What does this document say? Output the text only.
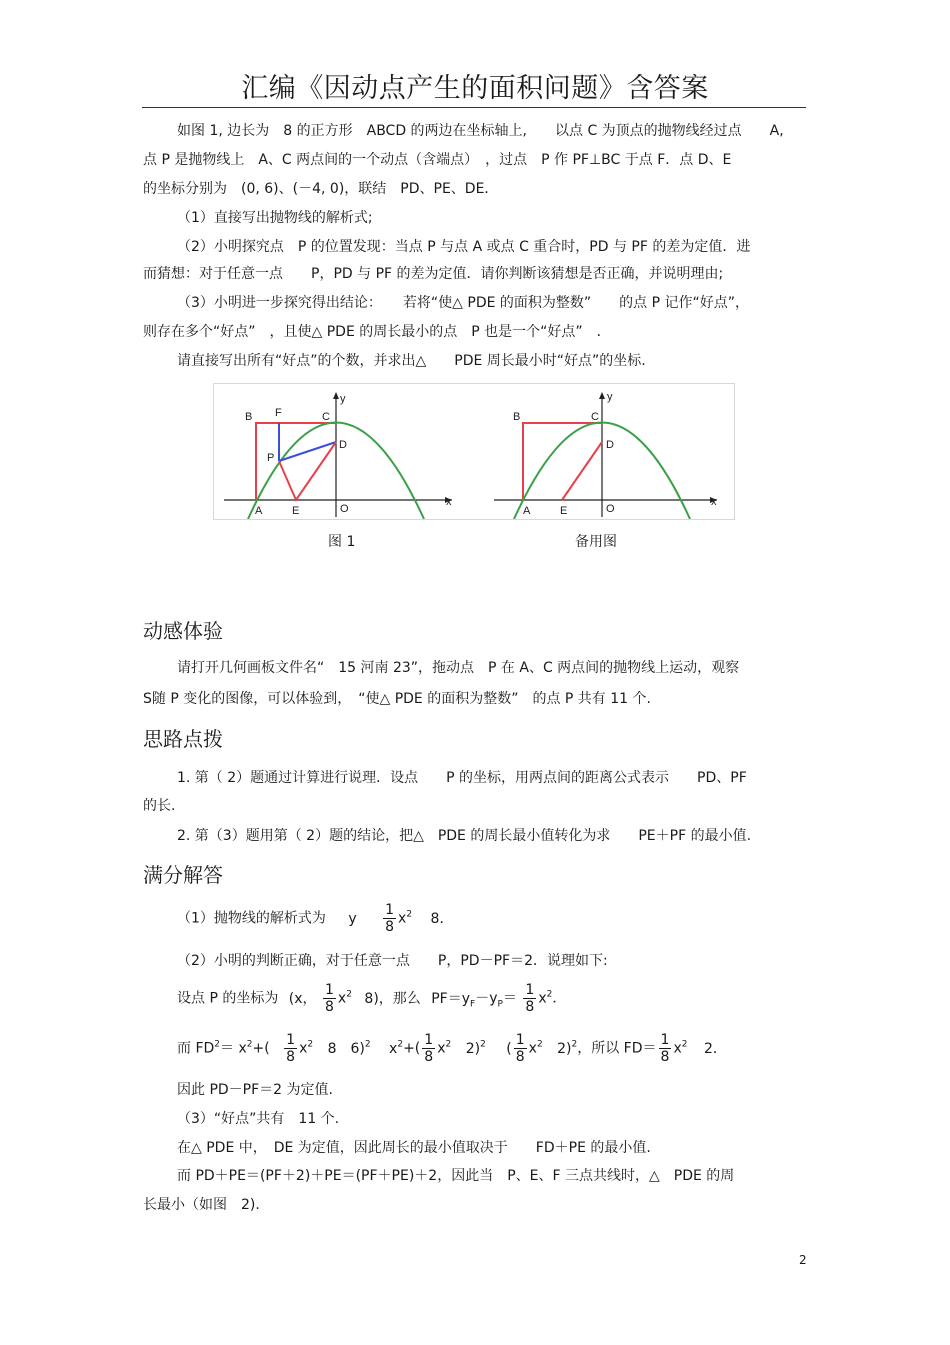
汇编《因动点产生的面积问题》含答案
如图 1, 边长为　8 的正方形　ABCD 的两边在坐标轴上,　　以点 C 为顶点的抛物线经过点　　A,
点 P 是抛物线上　A、C 两点间的一个动点（含端点）　，过点　P 作 PF⊥BC 于点 F．点 D、E
的坐标分别为　(0, 6)、(－4, 0)，联结　PD、PE、DE．
（1）直接写出抛物线的解析式;
（2）小明探究点　P 的位置发现：当点 P 与点 A 或点 C 重合时，PD 与 PF 的差为定值．进
而猜想：对于任意一点　　P，PD 与 PF 的差为定值．请你判断该猜想是否正确，并说明理由;
（3）小明进一步探究得出结论：　　若将“使△ PDE 的面积为整数”　　的点 P 记作“好点”，
则存在多个“好点”　，且使△ PDE 的周长最小的点　P 也是一个“好点”　．
请直接写出所有“好点”的个数，并求出△　　PDE 周长最小时“好点”的坐标.
B F	C
y
D
P
A	E	O
x
B	C
y
D
A	E	O
x
图 1	备用图
动感体验
请打开几何画板文件名“　15 河南 23”，拖动点　P 在 A、C 两点间的抛物线上运动，观察
S随 P 变化的图像，可以体验到，　“使△ PDE 的面积为整数”　的点 P 共有 11 个.
思路点拨
1. 第（ 2）题通过计算进行说理．设点　　P 的坐标，用两点间的距离公式表示　　PD、PF
的长.
2. 第（3）题用第（ 2）题的结论，把△　PDE 的周长最小值转化为求　　PE＋PF 的最小值.
满分解答
（1）抛物线的解析式为 y $\frac{1}{8} x^2$ 8．
（2）小明的判断正确，对于任意一点　　P，PD－PF＝2．说理如下:
设点 P 的坐标为 (x， $\frac{1}{8} x^2$ 8)，那么 $PF=y_F-y_P= \frac{1}{8} x^2$．
而 $FD^2= x^2+( \frac{1}{8} x^2$ 8　6)$^2$ $x^2+( \frac{1}{8} x^2$ 2)$^2$ ( $\frac{1}{8} x^2$ 2)$^2$，所以 $FD= \frac{1}{8} x^2$ 2．
因此 PD－PF＝2 为定值.
（3）“好点”共有　11 个.
在△ PDE 中，　DE 为定值，因此周长的最小值取决于　　FD＋PE 的最小值.
而 PD＋PE＝(PF＋2)＋PE＝(PF＋PE)＋2，因此当　P、E、F 三点共线时，△　PDE 的周
长最小（如图　2).
2
